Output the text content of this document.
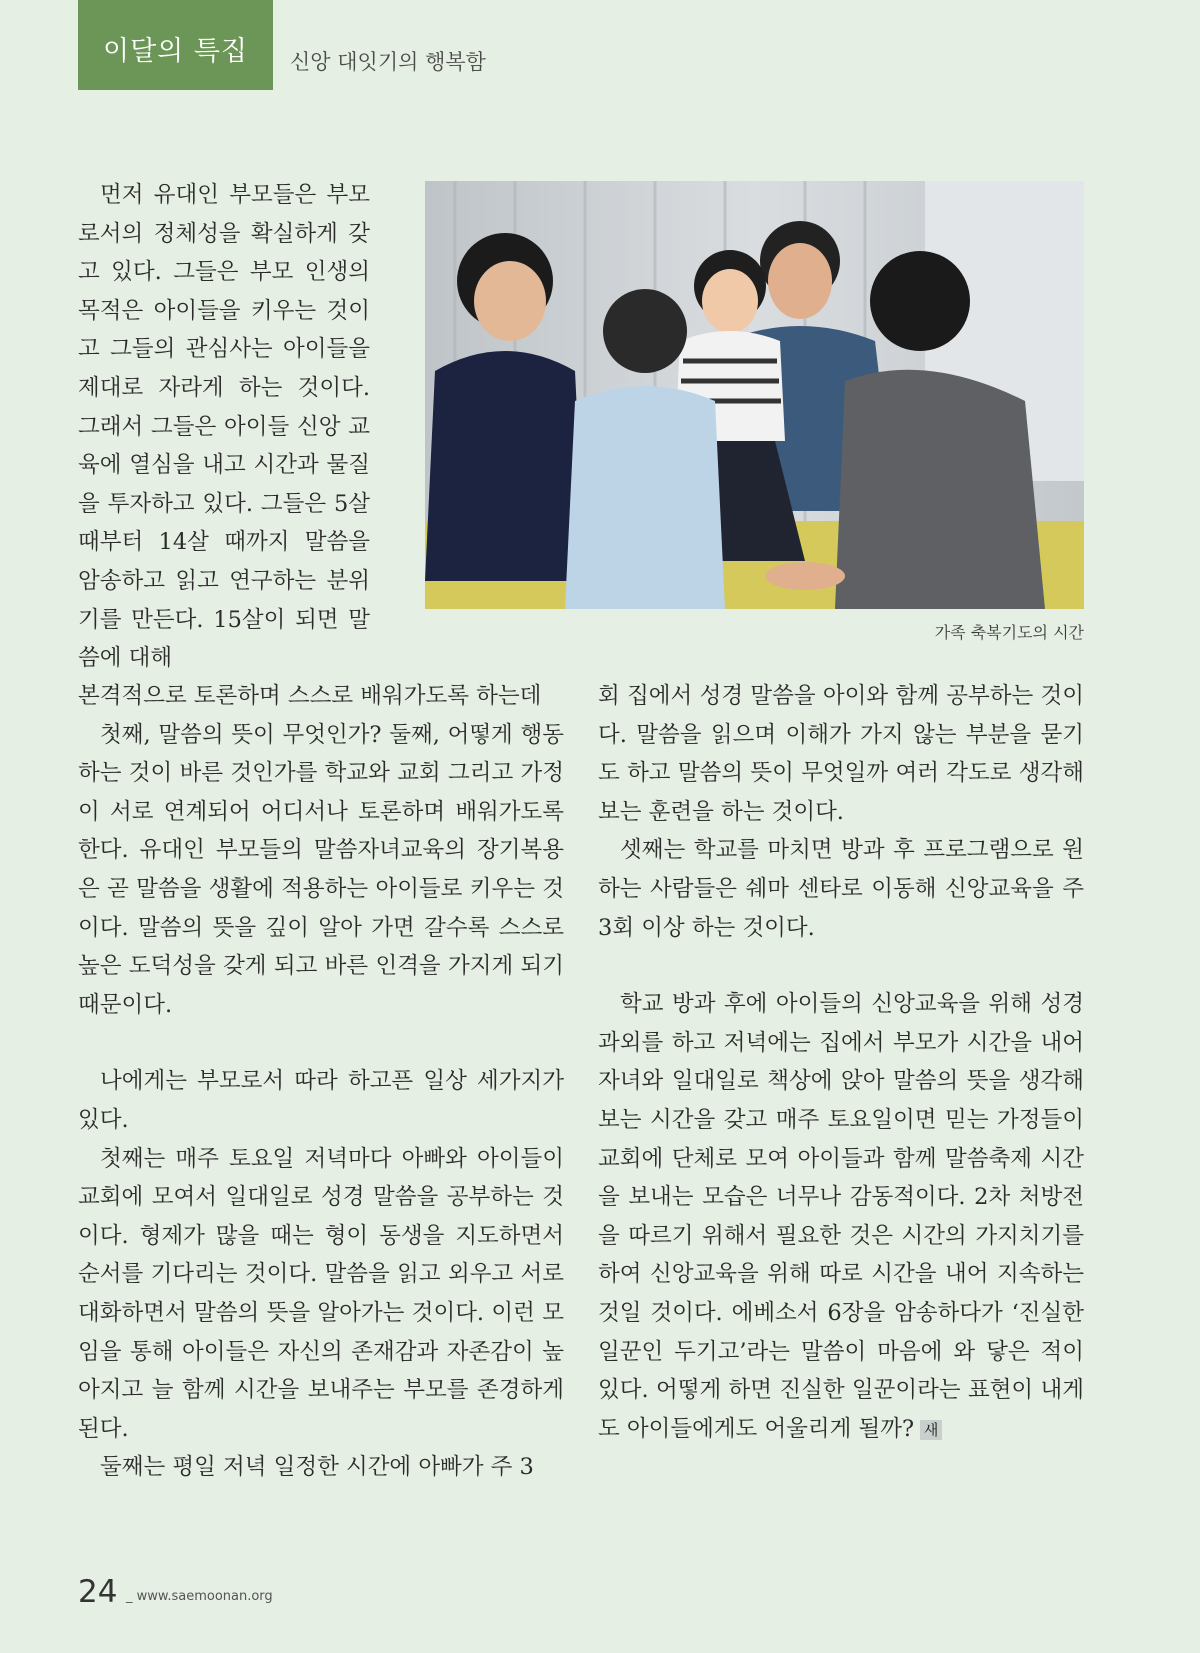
이달의 특집	신앙 대잇기의 행복함

먼저 유대인 부모들은 부모로서의 정체성을 확실하게 갖고 있다. 그들은 부모 인생의 목적은 아이들을 키우는 것이고 그들의 관심사는 아이들을 제대로 자라게 하는 것이다. 그래서 그들은 아이들 신앙 교육에 열심을 내고 시간과 물질을 투자하고 있다. 그들은 5살 때부터 14살 때까지 말씀을 암송하고 읽고 연구하는 분위기를 만든다. 15살이 되면 말씀에 대해

가족 축복기도의 시간

본격적으로 토론하며 스스로 배워가도록 하는데

첫째, 말씀의 뜻이 무엇인가? 둘째, 어떻게 행동하는 것이 바른 것인가를 학교와 교회 그리고 가정이 서로 연계되어 어디서나 토론하며 배워가도록 한다. 유대인 부모들의 말씀자녀교육의 장기복용은 곧 말씀을 생활에 적용하는 아이들로 키우는 것이다. 말씀의 뜻을 깊이 알아 가면 갈수록 스스로 높은 도덕성을 갖게 되고 바른 인격을 가지게 되기 때문이다.

나에게는 부모로서 따라 하고픈 일상 세가지가 있다.

첫째는 매주 토요일 저녁마다 아빠와 아이들이 교회에 모여서 일대일로 성경 말씀을 공부하는 것이다. 형제가 많을 때는 형이 동생을 지도하면서 순서를 기다리는 것이다. 말씀을 읽고 외우고 서로 대화하면서 말씀의 뜻을 알아가는 것이다. 이런 모임을 통해 아이들은 자신의 존재감과 자존감이 높아지고 늘 함께 시간을 보내주는 부모를 존경하게 된다.

둘째는 평일 저녁 일정한 시간에 아빠가 주 3

회 집에서 성경 말씀을 아이와 함께 공부하는 것이다. 말씀을 읽으며 이해가 가지 않는 부분을 묻기도 하고 말씀의 뜻이 무엇일까 여러 각도로 생각해보는 훈련을 하는 것이다.

셋째는 학교를 마치면 방과 후 프로그램으로 원하는 사람들은 쉐마 센타로 이동해 신앙교육을 주 3회 이상 하는 것이다.

학교 방과 후에 아이들의 신앙교육을 위해 성경과외를 하고 저녁에는 집에서 부모가 시간을 내어 자녀와 일대일로 책상에 앉아 말씀의 뜻을 생각해보는 시간을 갖고 매주 토요일이면 믿는 가정들이 교회에 단체로 모여 아이들과 함께 말씀축제 시간을 보내는 모습은 너무나 감동적이다. 2차 처방전을 따르기 위해서 필요한 것은 시간의 가지치기를 하여 신앙교육을 위해 따로 시간을 내어 지속하는 것일 것이다. 에베소서 6장을 암송하다가 ‘진실한 일꾼인 두기고’라는 말씀이 마음에 와 닿은 적이 있다. 어떻게 하면 진실한 일꾼이라는 표현이 내게도 아이들에게도 어울리게 될까? 새

24 _ www.saemoonan.org
